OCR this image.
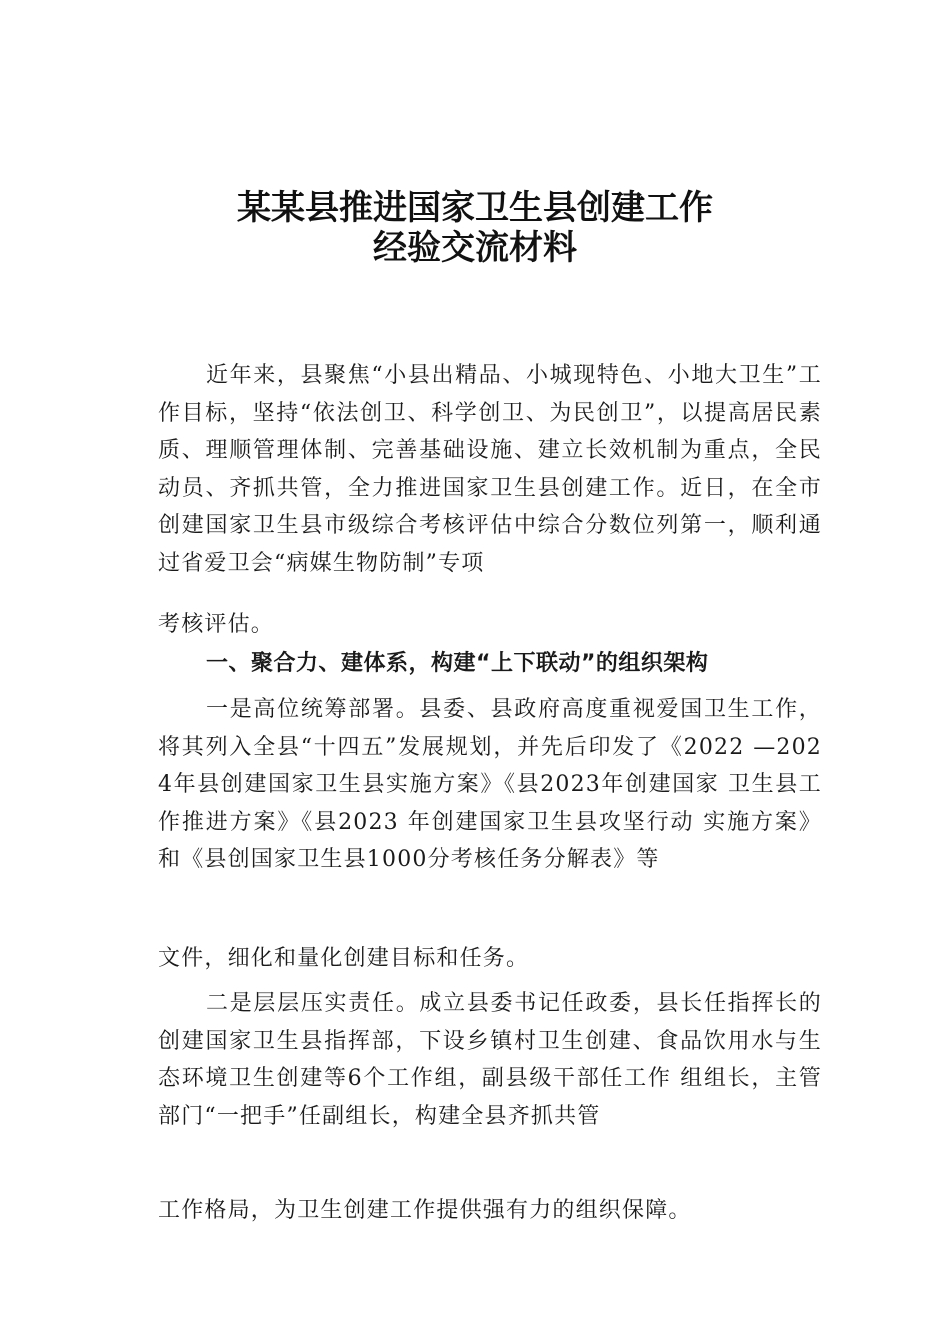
某某县推进国家卫生县创建工作
经验交流材料
近年来，县聚焦“小县出精品、小城现特色、小地大卫生”工作目标，坚持“依法创卫、科学创卫、为民创卫”，以提高居民素质、理顺管理体制、完善基础设施、建立长效机制为重点，全民动员、齐抓共管，全力推进国家卫生县创建工作。近日，在全市创建国家卫生县市级综合考核评估中综合分数位列第一，顺利通过省爱卫会“病媒生物防制”专项
考核评估。
一、聚合力、建体系，构建“上下联动”的组织架构
一是高位统筹部署。县委、县政府高度重视爱国卫生工作，将其列入全县“十四五”发展规划，并先后印发了《2022 —2024年县创建国家卫生县实施方案》《县2023年创建国家 卫生县工作推进方案》《县2023 年创建国家卫生县攻坚行动 实施方案》和《县创国家卫生县1000分考核任务分解表》等
文件，细化和量化创建目标和任务。
二是层层压实责任。成立县委书记任政委，县长任指挥长的创建国家卫生县指挥部，下设乡镇村卫生创建、食品饮用水与生态环境卫生创建等6个工作组，副县级干部任工作 组组长，主管部门“一把手”任副组长，构建全县齐抓共管
工作格局，为卫生创建工作提供强有力的组织保障。
